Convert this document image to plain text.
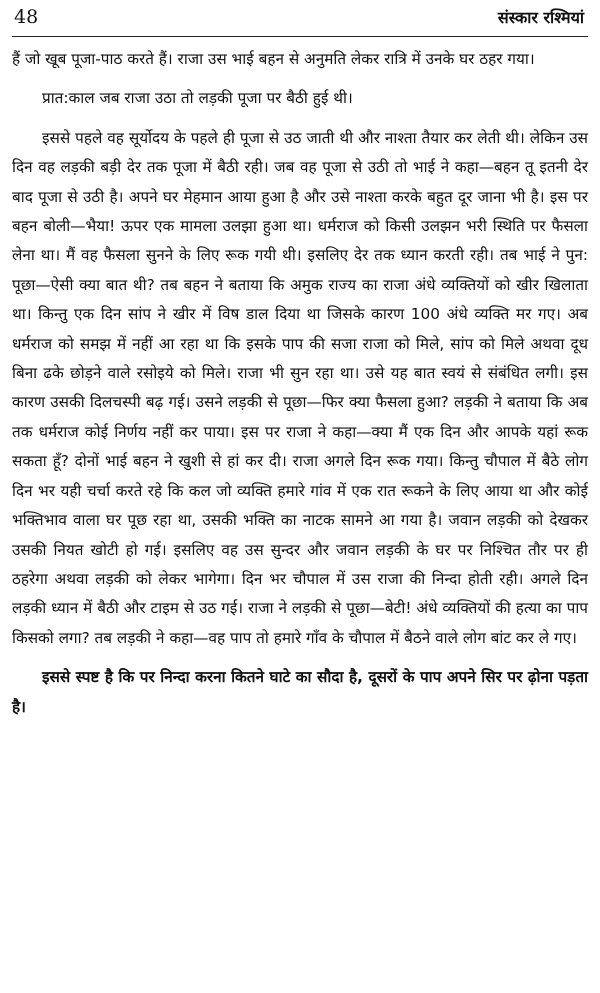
48	संस्कार रश्मियां

हैं जो खूब पूजा-पाठ करते हैं। राजा उस भाई बहन से अनुमति लेकर रात्रि में उनके घर ठहर गया।

प्रात:काल जब राजा उठा तो लड़की पूजा पर बैठी हुई थी।

इससे पहले वह सूर्योदय के पहले ही पूजा से उठ जाती थी और नाश्ता तैयार कर लेती थी। लेकिन उस दिन वह लड़की बड़ी देर तक पूजा में बैठी रही। जब वह पूजा से उठी तो भाई ने कहा—बहन तू इतनी देर बाद पूजा से उठी है। अपने घर मेहमान आया हुआ है और उसे नाश्ता करके बहुत दूर जाना भी है। इस पर बहन बोली—भैया! ऊपर एक मामला उलझा हुआ था। धर्मराज को किसी उलझन भरी स्थिति पर फैसला लेना था। मैं वह फैसला सुनने के लिए रूक गयी थी। इसलिए देर तक ध्यान करती रही। तब भाई ने पुन: पूछा—ऐसी क्या बात थी? तब बहन ने बताया कि अमुक राज्य का राजा अंधे व्यक्तियों को खीर खिलाता था। किन्तु एक दिन सांप ने खीर में विष डाल दिया था जिसके कारण 100 अंधे व्यक्ति मर गए। अब धर्मराज को समझ में नहीं आ रहा था कि इसके पाप की सजा राजा को मिले, सांप को मिले अथवा दूध बिना ढके छोड़ने वाले रसोइये को मिले। राजा भी सुन रहा था। उसे यह बात स्वयं से संबंधित लगी। इस कारण उसकी दिलचस्पी बढ़ गई। उसने लड़की से पूछा—फिर क्या फैसला हुआ? लड़की ने बताया कि अब तक धर्मराज कोई निर्णय नहीं कर पाया। इस पर राजा ने कहा—क्या मैं एक दिन और आपके यहां रूक सकता हूँ? दोनों भाई बहन ने खुशी से हां कर दी। राजा अगले दिन रूक गया। किन्तु चौपाल में बैठे लोग दिन भर यही चर्चा करते रहे कि कल जो व्यक्ति हमारे गांव में एक रात रूकने के लिए आया था और कोई भक्तिभाव वाला घर पूछ रहा था, उसकी भक्ति का नाटक सामने आ गया है। जवान लड़की को देखकर उसकी नियत खोटी हो गई। इसलिए वह उस सुन्दर और जवान लड़की के घर पर निश्चित तौर पर ही ठहरेगा अथवा लड़की को लेकर भागेगा। दिन भर चौपाल में उस राजा की निन्दा होती रही। अगले दिन लड़की ध्यान में बैठी और टाइम से उठ गई। राजा ने लड़की से पूछा—बेटी! अंधे व्यक्तियों की हत्या का पाप किसको लगा? तब लड़की ने कहा—वह पाप तो हमारे गाँव के चौपाल में बैठने वाले लोग बांट कर ले गए।

इससे स्पष्ट है कि पर निन्दा करना कितने घाटे का सौदा है, दूसरों के पाप अपने सिर पर ढ़ोना पड़ता है।
